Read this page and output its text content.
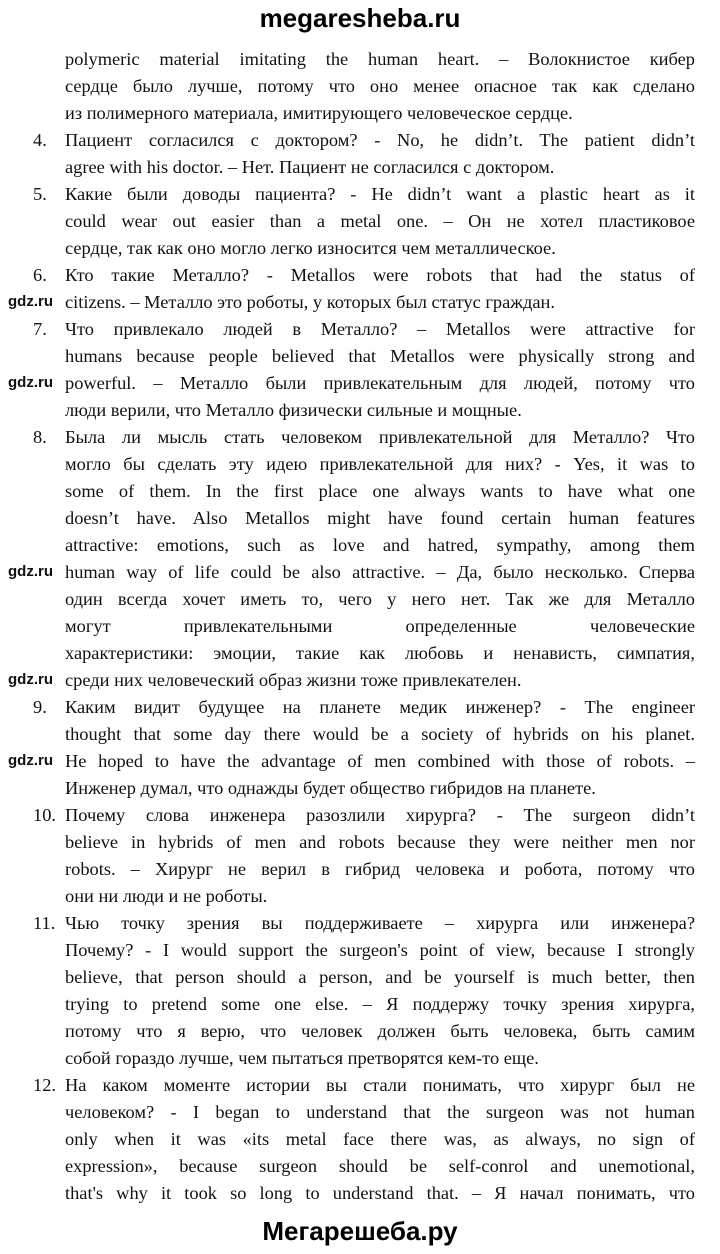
megaresheba.ru
polymeric material imitating the human heart. – Волокнистое кибер
сердце было лучше, потому что оно менее опасное так как сделано
из полимерного материала, имитирующего человеческое сердце.
4. Пациент согласился с доктором? - No, he didn’t. The patient didn’t
agree with his doctor. – Нет. Пациент не согласился с доктором.
5. Какие были доводы пациента? - He didn’t want a plastic heart as it
could wear out easier than a metal one. – Он не хотел пластиковое
сердце, так как оно могло легко износится чем металлическое.
6. Кто такие Металло? - Metallos were robots that had the status of
citizens. – Металло это роботы, у которых был статус граждан.
7. Что привлекало людей в Металло? – Metallos were attractive for
humans because people believed that Metallos were physically strong and
powerful. – Металло были привлекательным для людей, потому что
люди верили, что Металло физически сильные и мощные.
8. Была ли мысль стать человеком привлекательной для Металло? Что
могло бы сделать эту идею привлекательной для них? - Yes, it was to
some of them. In the first place one always wants to have what one
doesn’t have. Also Metallos might have found certain human features
attractive: emotions, such as love and hatred, sympathy, among them
human way of life could be also attractive. – Да, было несколько. Сперва
один всегда хочет иметь то, чего у него нет. Так же для Металло
могут привлекательными определенные человеческие
характеристики: эмоции, такие как любовь и ненависть, симпатия,
среди них человеческий образ жизни тоже привлекателен.
9. Каким видит будущее на планете медик инженер? - The engineer
thought that some day there would be a society of hybrids on his planet.
He hoped to have the advantage of men combined with those of robots. –
Инженер думал, что однажды будет общество гибридов на планете.
10. Почему слова инженера разозлили хирурга? - The surgeon didn’t
believe in hybrids of men and robots because they were neither men nor
robots. – Хирург не верил в гибрид человека и робота, потому что
они ни люди и не роботы.
11. Чью точку зрения вы поддерживаете – хирурга или инженера?
Почему? - I would support the surgeon's point of view, because I strongly
believe, that person should a person, and be yourself is much better, then
trying to pretend some one else. – Я поддержу точку зрения хирурга,
потому что я верю, что человек должен быть человека, быть самим
собой гораздо лучше, чем пытаться претворятся кем-то еще.
12. На каком моменте истории вы стали понимать, что хирург был не
человеком? - I began to understand that the surgeon was not human
only when it was «its metal face there was, as always, no sign of
expression», because surgeon should be self-conrol and unemotional,
that's why it took so long to understand that. – Я начал понимать, что
gdz.ru
gdz.ru
gdz.ru
gdz.ru
gdz.ru
Мегарешеба.ру
